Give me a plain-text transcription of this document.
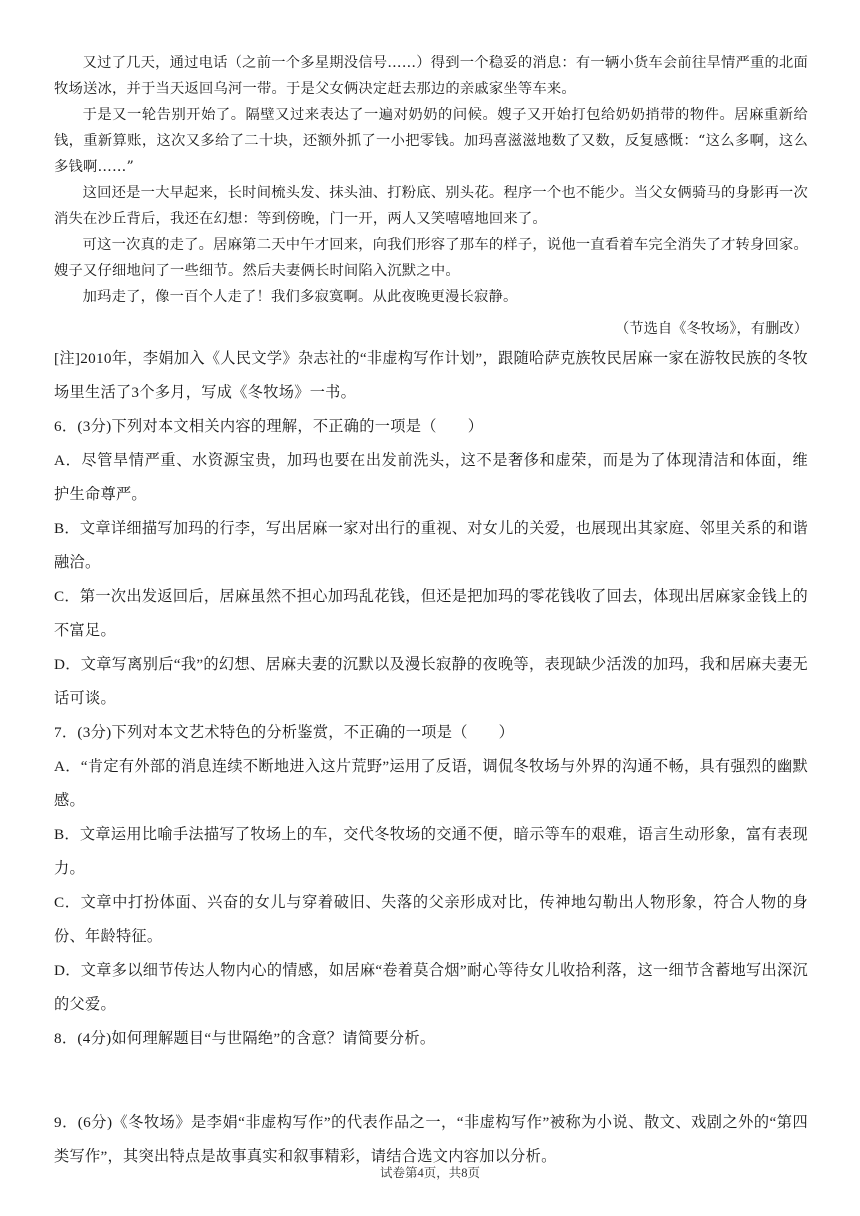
又过了几天，通过电话（之前一个多星期没信号……）得到一个稳妥的消息：有一辆小货车会前往旱情严重的北面牧场送冰，并于当天返回乌河一带。于是父女俩决定赶去那边的亲戚家坐等车来。

于是又一轮告别开始了。隔壁又过来表达了一遍对奶奶的问候。嫂子又开始打包给奶奶捎带的物件。居麻重新给钱，重新算账，这次又多给了二十块，还额外抓了一小把零钱。加玛喜滋滋地数了又数，反复感慨：“这么多啊，这么多钱啊……”

这回还是一大早起来，长时间梳头发、抹头油、打粉底、别头花。程序一个也不能少。当父女俩骑马的身影再一次消失在沙丘背后，我还在幻想：等到傍晚，门一开，两人又笑嘻嘻地回来了。

可这一次真的走了。居麻第二天中午才回来，向我们形容了那车的样子，说他一直看着车完全消失了才转身回家。嫂子又仔细地问了一些细节。然后夫妻俩长时间陷入沉默之中。

加玛走了，像一百个人走了！我们多寂寞啊。从此夜晚更漫长寂静。

（节选自《冬牧场》，有删改）

[注]2010年，李娟加入《人民文学》杂志社的“非虚构写作计划”，跟随哈萨克族牧民居麻一家在游牧民族的冬牧场里生活了3个多月，写成《冬牧场》一书。

6．(3分)下列对本文相关内容的理解，不正确的一项是（　　）

A．尽管旱情严重、水资源宝贵，加玛也要在出发前洗头，这不是奢侈和虚荣，而是为了体现清洁和体面，维护生命尊严。

B．文章详细描写加玛的行李，写出居麻一家对出行的重视、对女儿的关爱，也展现出其家庭、邻里关系的和谐融洽。

C．第一次出发返回后，居麻虽然不担心加玛乱花钱，但还是把加玛的零花钱收了回去，体现出居麻家金钱上的不富足。

D．文章写离别后“我”的幻想、居麻夫妻的沉默以及漫长寂静的夜晚等，表现缺少活泼的加玛，我和居麻夫妻无话可谈。

7．(3分)下列对本文艺术特色的分析鉴赏，不正确的一项是（　　）

A．“肯定有外部的消息连续不断地进入这片荒野”运用了反语，调侃冬牧场与外界的沟通不畅，具有强烈的幽默感。

B．文章运用比喻手法描写了牧场上的车，交代冬牧场的交通不便，暗示等车的艰难，语言生动形象，富有表现力。

C．文章中打扮体面、兴奋的女儿与穿着破旧、失落的父亲形成对比，传神地勾勒出人物形象，符合人物的身份、年龄特征。

D．文章多以细节传达人物内心的情感，如居麻“卷着莫合烟”耐心等待女儿收拾利落，这一细节含蓄地写出深沉的父爱。

8．(4分)如何理解题目“与世隔绝”的含意？请简要分析。

9．(6分)《冬牧场》是李娟“非虚构写作”的代表作品之一，“非虚构写作”被称为小说、散文、戏剧之外的“第四类写作”，其突出特点是故事真实和叙事精彩，请结合选文内容加以分析。

试卷第4页，共8页
